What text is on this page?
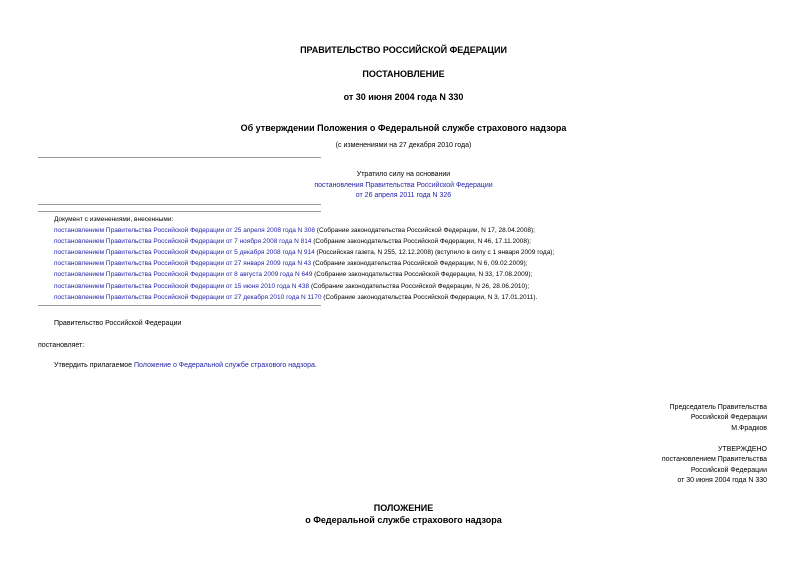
ПРАВИТЕЛЬСТВО РОССИЙСКОЙ ФЕДЕРАЦИИ
ПОСТАНОВЛЕНИЕ
от 30 июня 2004 года N 330
Об утверждении Положения о Федеральной службе страхового надзора
(с изменениями на 27 декабря 2010 года)
Утратило силу на основании
постановления Правительства Российской Федерации
от 26 апреля 2011 года N 326
Документ с изменениями, внесенными:
постановлением Правительства Российской Федерации от 25 апреля 2008 года N 308 (Собрание законодательства Российской Федерации, N 17, 28.04.2008);
постановлением Правительства Российской Федерации от 7 ноября 2008 года N 814 (Собрание законодательства Российской Федерации, N 46, 17.11.2008);
постановлением Правительства Российской Федерации от 5 декабря 2008 года N 914 (Российская газета, N 255, 12.12.2008) (вступило в силу с 1 января 2009 года);
постановлением Правительства Российской Федерации от 27 января 2009 года N 43 (Собрание законодательства Российской Федерации, N 6, 09.02.2009);
постановлением Правительства Российской Федерации от 8 августа 2009 года N 649 (Собрание законодательства Российской Федерации, N 33, 17.08.2009);
постановлением Правительства Российской Федерации от 15 июня 2010 года N 438 (Собрание законодательства Российской Федерации, N 26, 28.06.2010);
постановлением Правительства Российской Федерации от 27 декабря 2010 года N 1170 (Собрание законодательства Российской Федерации, N 3, 17.01.2011).
Правительство Российской Федерации
постановляет:
Утвердить прилагаемое Положение о Федеральной службе страхового надзора.
Председатель Правительства
Российской Федерации
М.Фрадков
УТВЕРЖДЕНО
постановлением Правительства
Российской Федерации
от 30 июня 2004 года N 330
ПОЛОЖЕНИЕ
о Федеральной службе страхового надзора
